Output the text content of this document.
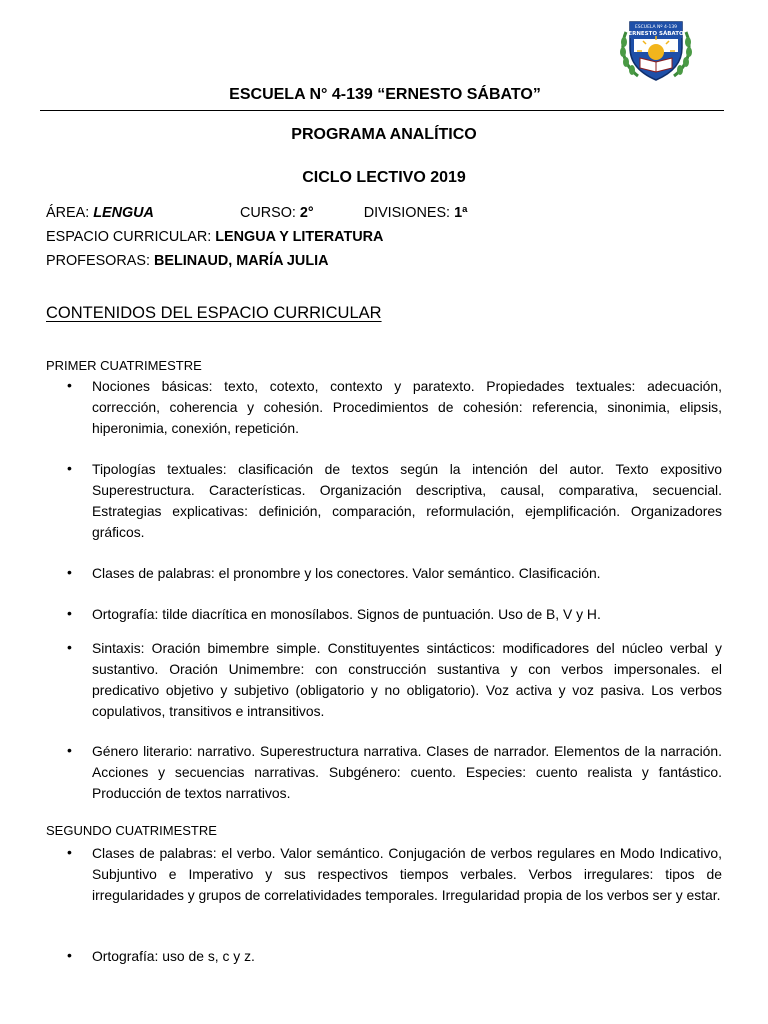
ESCUELA Nº 4-139
ERNESTO SÁBATO
ESCUELA N° 4-139 “ERNESTO SÁBATO”
PROGRAMA ANALÍTICO
CICLO LECTIVO 2019
ÁREA: LENGUA	CURSO: 2°	DIVISIONES: 1ª
ESPACIO CURRICULAR: LENGUA Y LITERATURA
PROFESORAS: BELINAUD, MARÍA JULIA
CONTENIDOS DEL ESPACIO CURRICULAR
PRIMER CUATRIMESTRE
• Nociones básicas: texto, cotexto, contexto y paratexto. Propiedades textuales: adecuación, corrección, coherencia y cohesión. Procedimientos de cohesión: referencia, sinonimia, elipsis, hiperonimia, conexión, repetición.

• Tipologías textuales: clasificación de textos según la intención del autor. Texto expositivo Superestructura. Características. Organización descriptiva, causal, comparativa, secuencial. Estrategias explicativas: definición, comparación, reformulación, ejemplificación. Organizadores gráficos.

• Clases de palabras: el pronombre y los conectores. Valor semántico. Clasificación.

• Ortografía: tilde diacrítica en monosílabos. Signos de puntuación. Uso de B, V y H.

• Sintaxis: Oración bimembre simple. Constituyentes sintácticos: modificadores del núcleo verbal y sustantivo. Oración Unimembre: con construcción sustantiva y con verbos impersonales. el predicativo objetivo y subjetivo (obligatorio y no obligatorio). Voz activa y voz pasiva. Los verbos copulativos, transitivos e intransitivos.

• Género literario: narrativo. Superestructura narrativa. Clases de narrador. Elementos de la narración. Acciones y secuencias narrativas. Subgénero: cuento. Especies: cuento realista y fantástico. Producción de textos narrativos.

SEGUNDO CUATRIMESTRE
• Clases de palabras: el verbo. Valor semántico. Conjugación de verbos regulares en Modo Indicativo, Subjuntivo e Imperativo y sus respectivos tiempos verbales. Verbos irregulares: tipos de irregularidades y grupos de correlatividades temporales. Irregularidad propia de los verbos ser y estar.

• Ortografía: uso de s, c y z.
